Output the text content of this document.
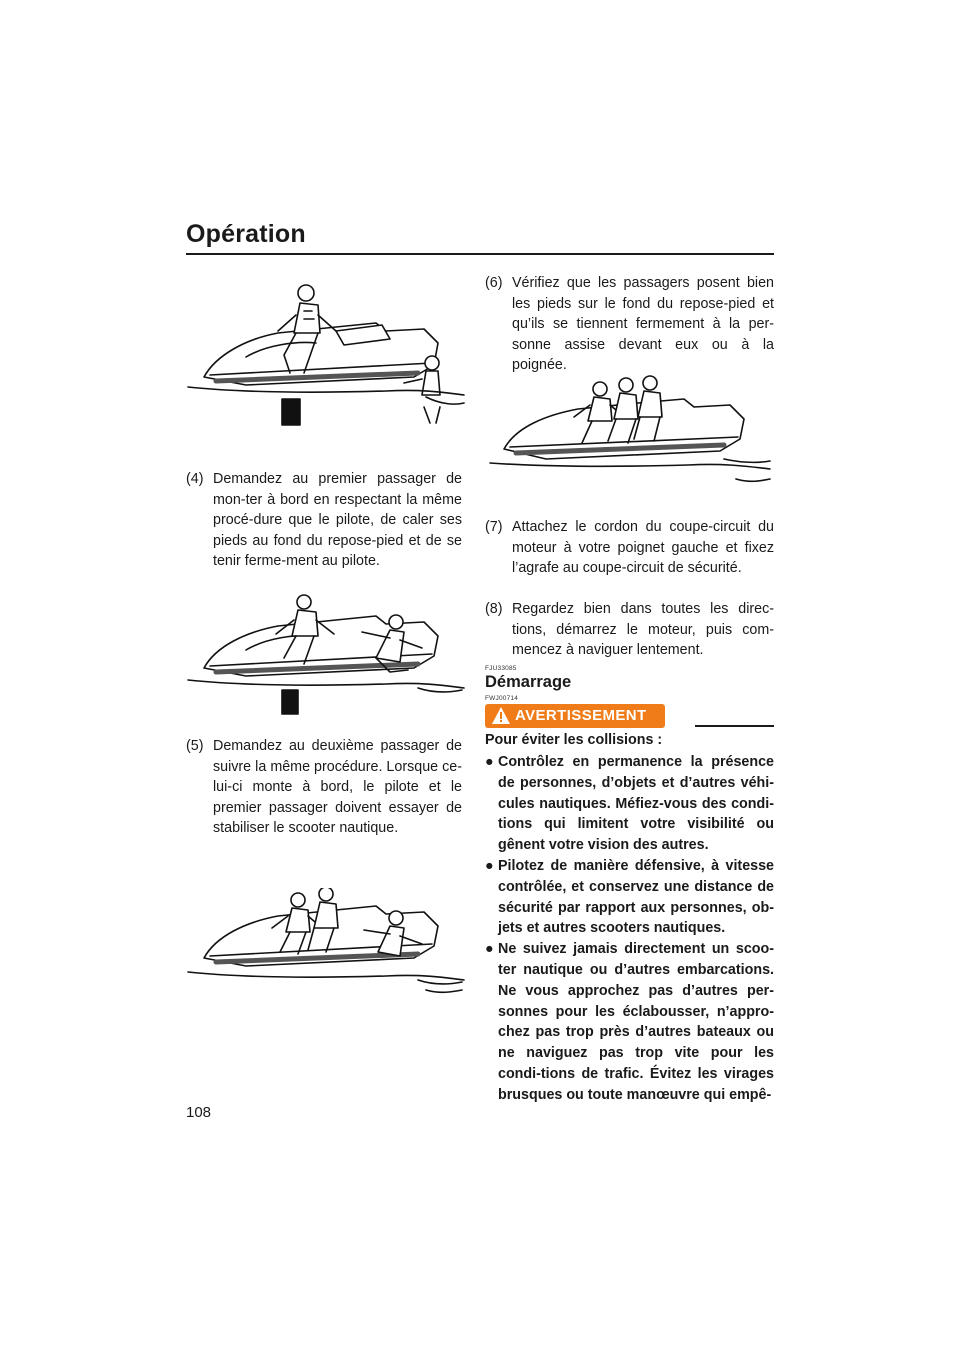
Opération
(4) Demandez au premier passager de mon-ter à bord en respectant la même procé-dure que le pilote, de caler ses pieds au fond du repose-pied et de se tenir ferme-ment au pilote.
(5) Demandez au deuxième passager de suivre la même procédure. Lorsque ce-lui-ci monte à bord, le pilote et le premier passager doivent essayer de stabiliser le scooter nautique.
(6) Vérifiez que les passagers posent bien les pieds sur le fond du repose-pied et qu’ils se tiennent fermement à la per-sonne assise devant eux ou à la poignée.
(7) Attachez le cordon du coupe-circuit du moteur à votre poignet gauche et fixez l’agrafe au coupe-circuit de sécurité.
(8) Regardez bien dans toutes les direc-tions, démarrez le moteur, puis com-mencez à naviguer lentement.
FJU33085
Démarrage
FWJ00714
AVERTISSEMENT
Pour éviter les collisions :
● Contrôlez en permanence la présence de personnes, d’objets et d’autres véhi-cules nautiques. Méfiez-vous des condi-tions qui limitent votre visibilité ou gênent votre vision des autres.
● Pilotez de manière défensive, à vitesse contrôlée, et conservez une distance de sécurité par rapport aux personnes, ob-jets et autres scooters nautiques.
● Ne suivez jamais directement un scoo-ter nautique ou d’autres embarcations. Ne vous approchez pas d’autres per-sonnes pour les éclabousser, n’appro-chez pas trop près d’autres bateaux ou ne naviguez pas trop vite pour les condi-tions de trafic. Évitez les virages brusques ou toute manœuvre qui empê-
108
